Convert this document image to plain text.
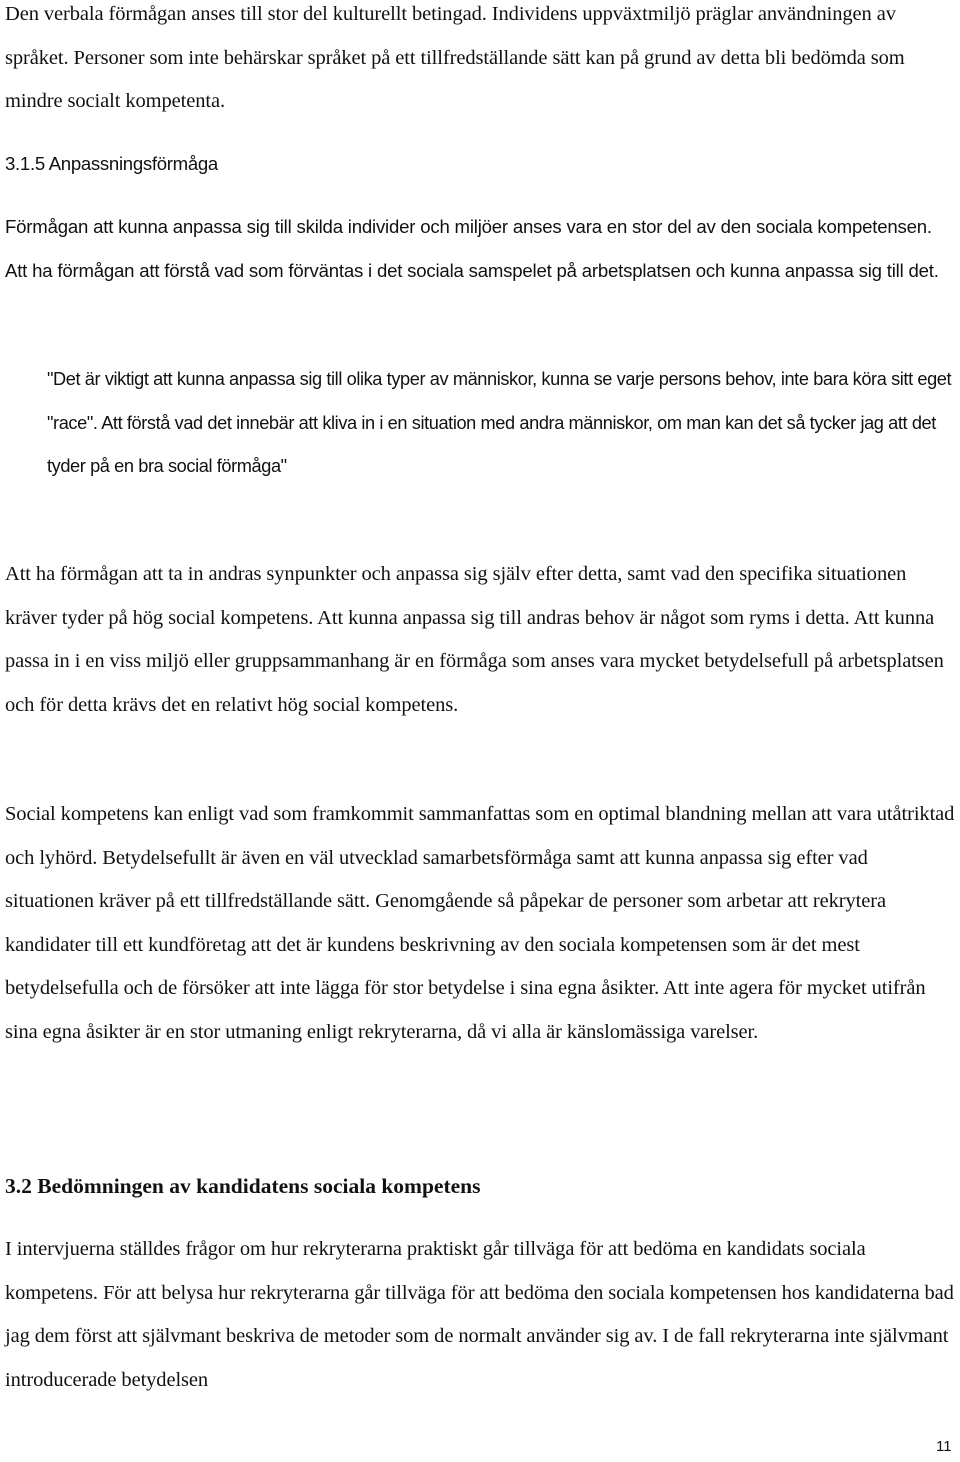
Den verbala förmågan anses till stor del kulturellt betingad. Individens uppväxtmiljö präglar användningen av språket. Personer som inte behärskar språket på ett tillfredställande sätt kan på grund av detta bli bedömda som mindre socialt kompetenta.

3.1.5 Anpassningsförmåga

Förmågan att kunna anpassa sig till skilda individer och miljöer anses vara en stor del av den sociala kompetensen. Att ha förmågan att förstå vad som förväntas i det sociala samspelet på arbetsplatsen och kunna anpassa sig till det.

"Det är viktigt att kunna anpassa sig till olika typer av människor, kunna se varje persons behov, inte bara köra sitt eget "race". Att förstå vad det innebär att kliva in i en situation med andra människor, om man kan det så tycker jag att det tyder på en bra social förmåga"

Att ha förmågan att ta in andras synpunkter och anpassa sig själv efter detta, samt vad den specifika situationen kräver tyder på hög social kompetens. Att kunna anpassa sig till andras behov är något som ryms i detta. Att kunna passa in i en viss miljö eller gruppsammanhang är en förmåga som anses vara mycket betydelsefull på arbetsplatsen och för detta krävs det en relativt hög social kompetens.

Social kompetens kan enligt vad som framkommit sammanfattas som en optimal blandning mellan att vara utåtriktad och lyhörd. Betydelsefullt är även en väl utvecklad samarbetsförmåga samt att kunna anpassa sig efter vad situationen kräver på ett tillfredställande sätt. Genomgående så påpekar de personer som arbetar att rekrytera kandidater till ett kundföretag att det är kundens beskrivning av den sociala kompetensen som är det mest betydelsefulla och de försöker att inte lägga för stor betydelse i sina egna åsikter. Att inte agera för mycket utifrån sina egna åsikter är en stor utmaning enligt rekryterarna, då vi alla är känslomässiga varelser.

3.2 Bedömningen av kandidatens sociala kompetens

I intervjuerna ställdes frågor om hur rekryterarna praktiskt går tillväga för att bedöma en kandidats sociala kompetens. För att belysa hur rekryterarna går tillväga för att bedöma den sociala kompetensen hos kandidaterna bad jag dem först att självmant beskriva de metoder som de normalt använder sig av. I de fall rekryterarna inte självmant introducerade betydelsen

11
